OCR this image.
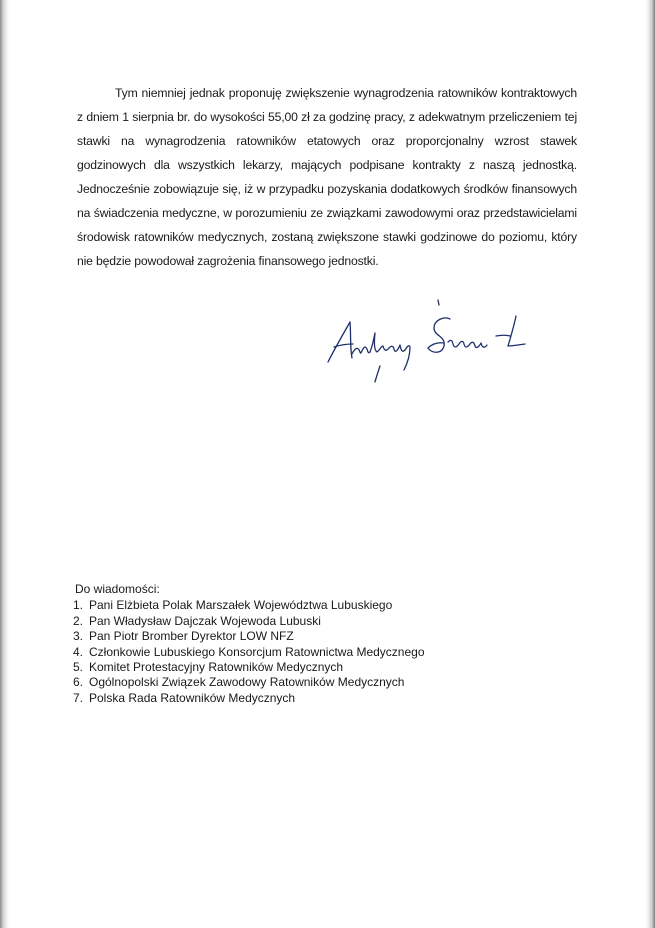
Tym niemniej jednak proponuję zwiększenie wynagrodzenia ratowników kontraktowych z dniem 1 sierpnia br. do wysokości 55,00 zł za godzinę pracy, z adekwatnym przeliczeniem tej stawki na wynagrodzenia ratowników etatowych oraz proporcjonalny wzrost stawek godzinowych dla wszystkich lekarzy, mających podpisane kontrakty z naszą jednostką. Jednocześnie zobowiązuje się, iż w przypadku pozyskania dodatkowych środków finansowych na świadczenia medyczne, w porozumieniu ze związkami zawodowymi oraz przedstawicielami środowisk ratowników medycznych, zostaną zwiększone stawki godzinowe do poziomu, który nie będzie powodował zagrożenia finansowego jednostki.

Do wiadomości:

1. Pani Elżbieta Polak Marszałek Województwa Lubuskiego
2. Pan Władysław Dajczak Wojewoda Lubuski
3. Pan Piotr Bromber Dyrektor LOW NFZ
4. Członkowie Lubuskiego Konsorcjum Ratownictwa Medycznego
5. Komitet Protestacyjny Ratowników Medycznych
6. Ogólnopolski Związek Zawodowy Ratowników Medycznych
7. Polska Rada Ratowników Medycznych
